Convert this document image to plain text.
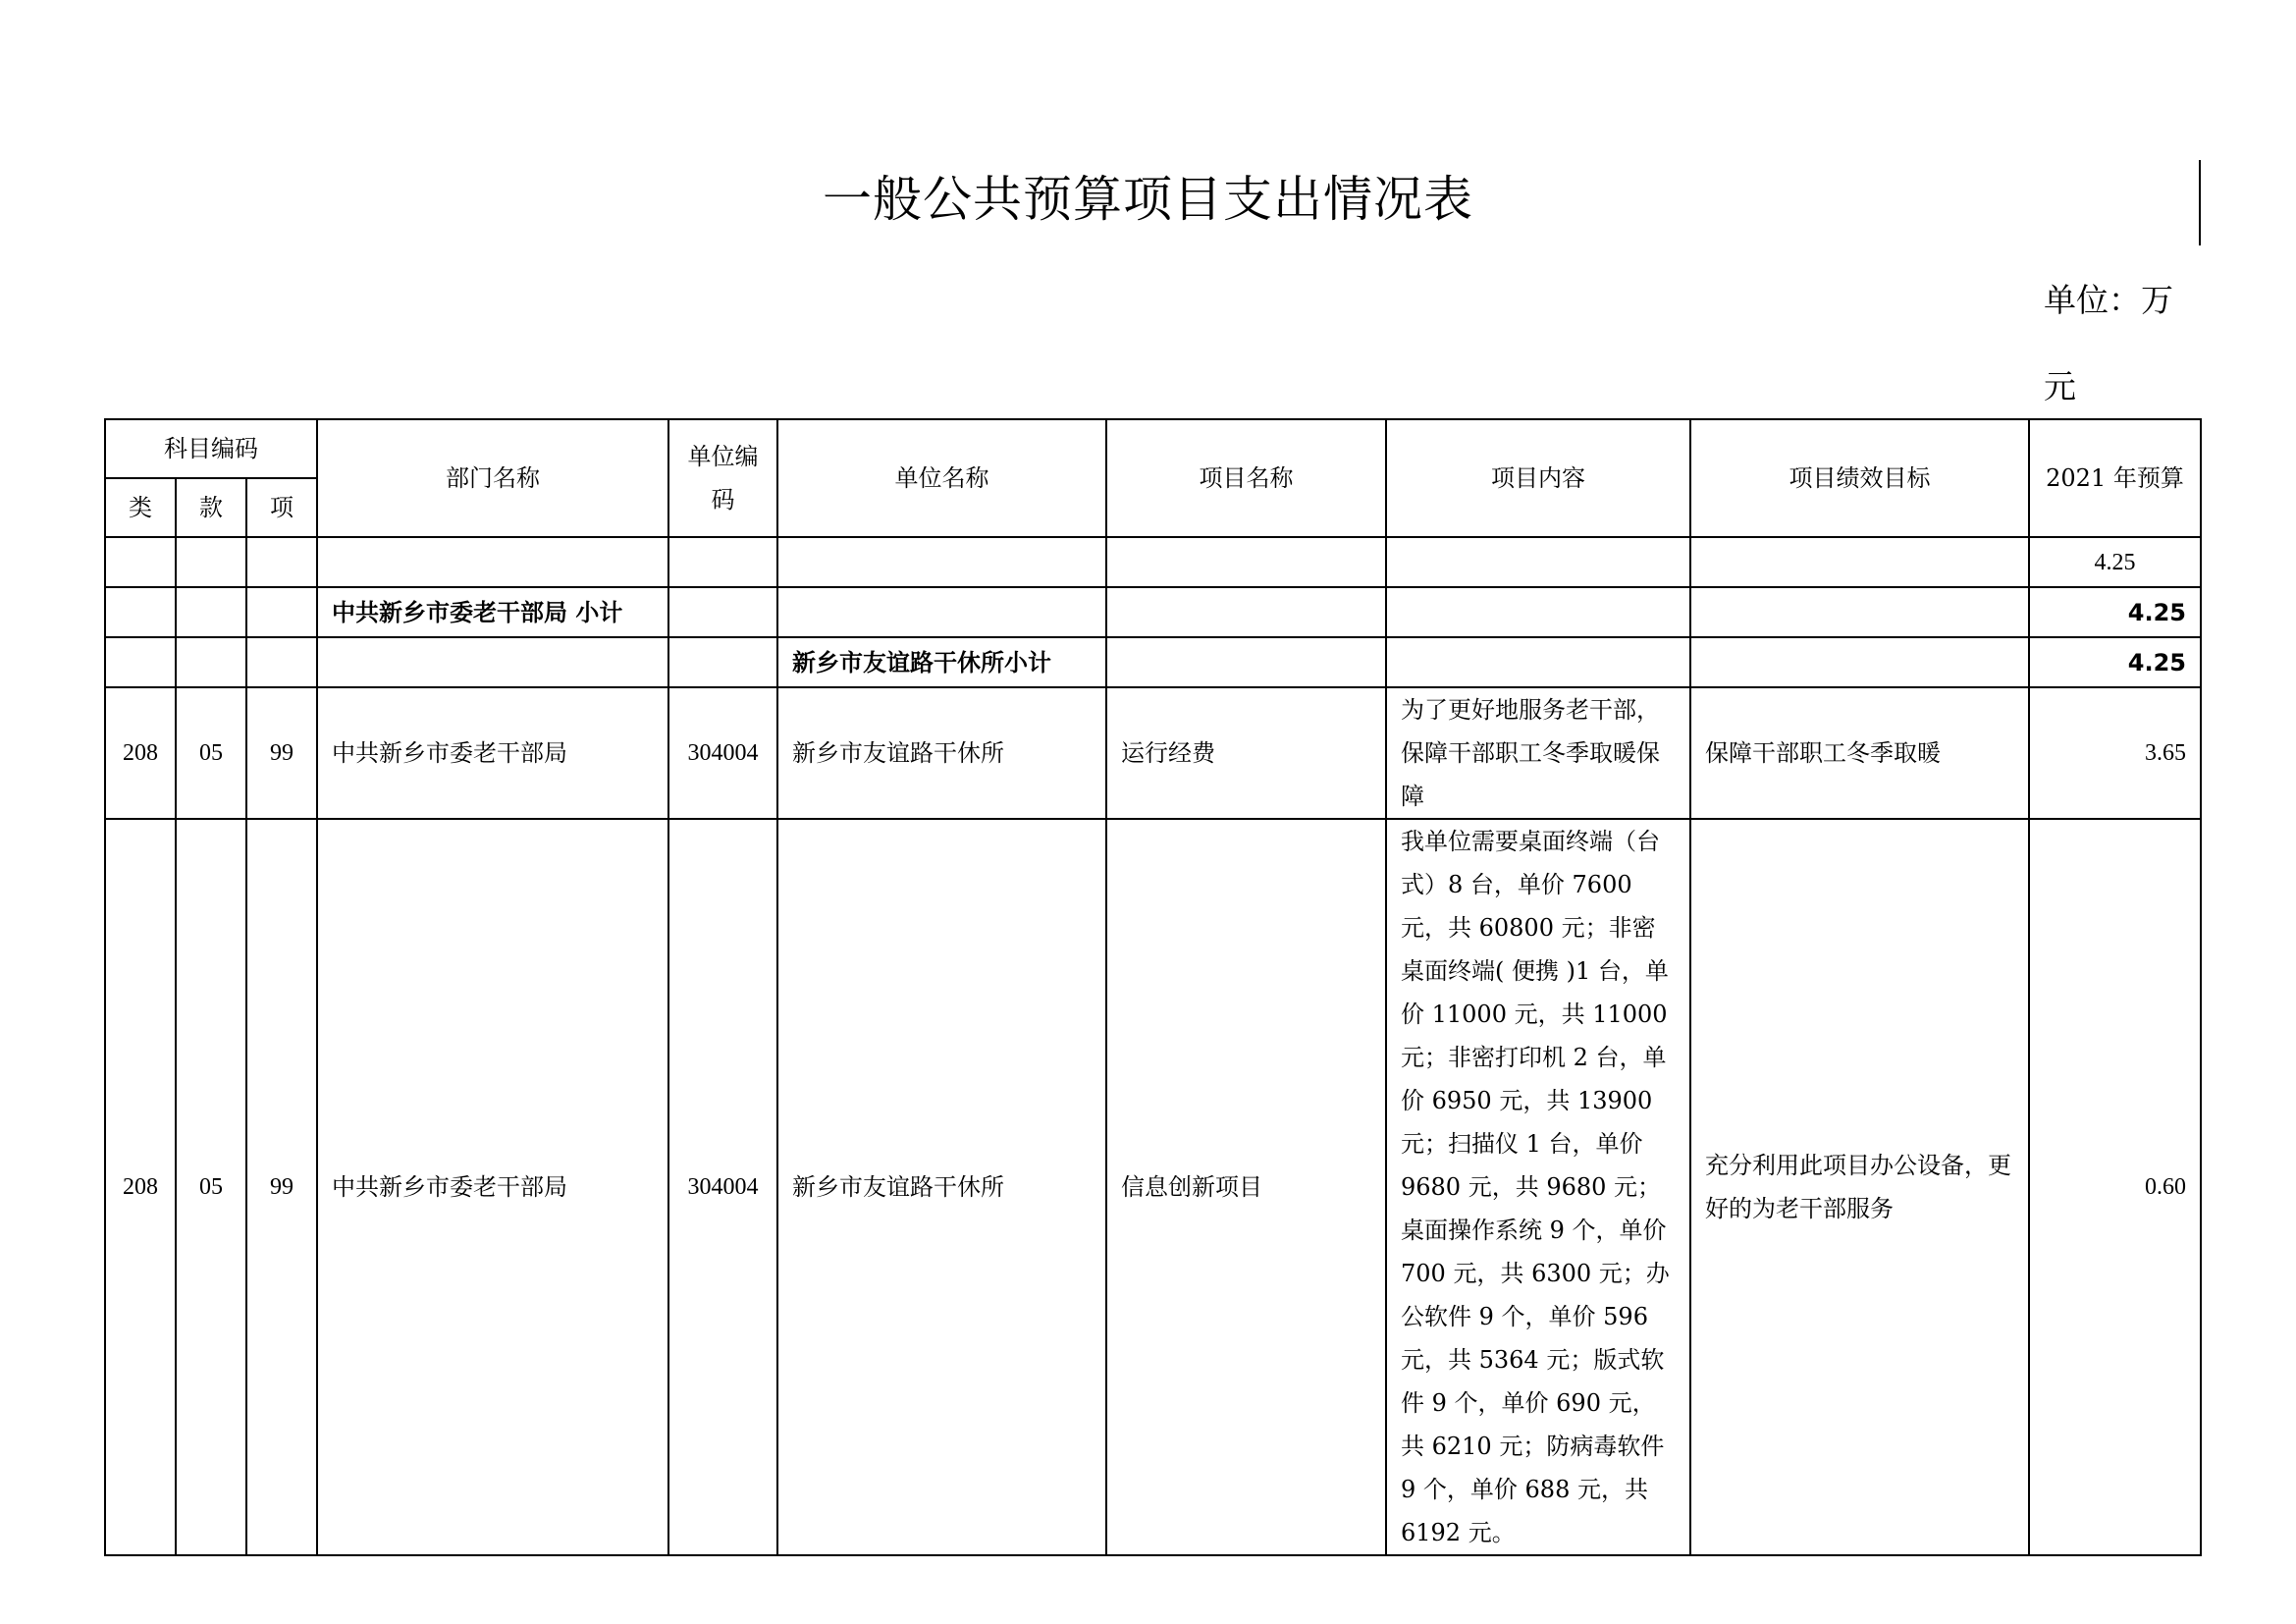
一般公共预算项目支出情况表
单位：万元
科目编码			部门名称	单位编码	单位名称	项目名称	项目内容	项目绩效目标	2021 年预算
类	款	项							
									4.25
			中共新乡市委老干部局 小计						4.25
					新乡市友谊路干休所小计				4.25
208	05	99	中共新乡市委老干部局	304004	新乡市友谊路干休所	运行经费	为了更好地服务老干部，保障干部职工冬季取暖保障	保障干部职工冬季取暖	3.65
208	05	99	中共新乡市委老干部局	304004	新乡市友谊路干休所	信息创新项目	我单位需要桌面终端（台式）8 台，单价 7600 元，共 60800 元；非密桌面终端( 便携 )1 台，单价 11000 元，共 11000 元；非密打印机 2 台，单价 6950 元，共 13900 元；扫描仪 1 台，单价 9680 元，共 9680 元；桌面操作系统 9 个，单价 700 元，共 6300 元；办公软件 9 个，单价 596 元，共 5364 元；版式软件 9 个，单价 690 元，共 6210 元；防病毒软件 9 个，单价 688 元，共 6192 元。	充分利用此项目办公设备，更好的为老干部服务	0.60
